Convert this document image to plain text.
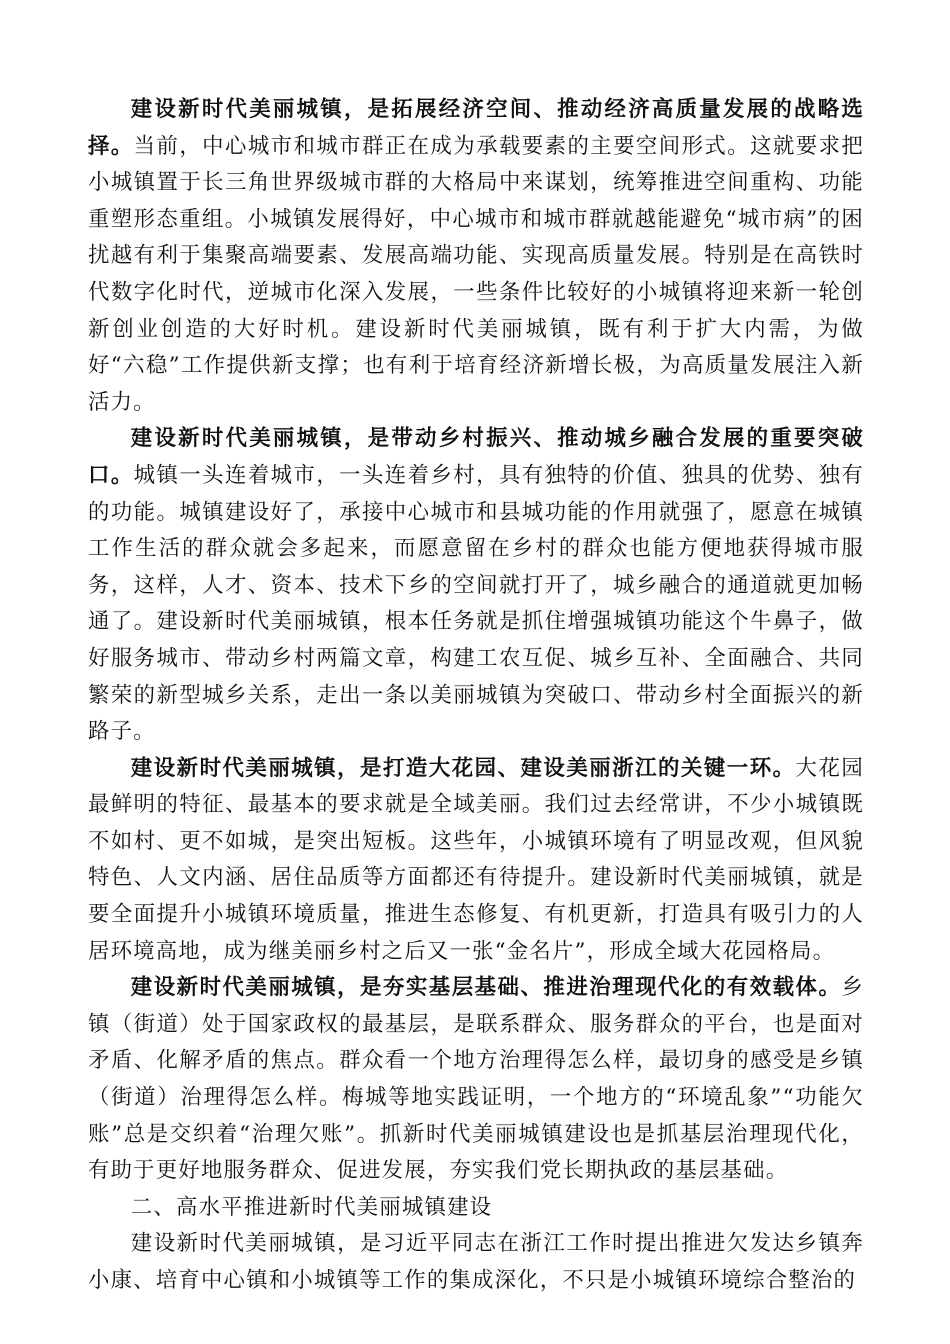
建设新时代美丽城镇，是拓展经济空间、推动经济高质量发展的战略选择。当前，中心城市和城市群正在成为承载要素的主要空间形式。这就要求把小城镇置于长三角世界级城市群的大格局中来谋划，统筹推进空间重构、功能重塑形态重组。小城镇发展得好，中心城市和城市群就越能避免“城市病”的困扰越有利于集聚高端要素、发展高端功能、实现高质量发展。特别是在高铁时代数字化时代，逆城市化深入发展，一些条件比较好的小城镇将迎来新一轮创新创业创造的大好时机。建设新时代美丽城镇，既有利于扩大内需，为做好“六稳”工作提供新支撑；也有利于培育经济新增长极，为高质量发展注入新活力。

建设新时代美丽城镇，是带动乡村振兴、推动城乡融合发展的重要突破口。城镇一头连着城市，一头连着乡村，具有独特的价值、独具的优势、独有的功能。城镇建设好了，承接中心城市和县城功能的作用就强了，愿意在城镇工作生活的群众就会多起来，而愿意留在乡村的群众也能方便地获得城市服务，这样，人才、资本、技术下乡的空间就打开了，城乡融合的通道就更加畅通了。建设新时代美丽城镇，根本任务就是抓住增强城镇功能这个牛鼻子，做好服务城市、带动乡村两篇文章，构建工农互促、城乡互补、全面融合、共同繁荣的新型城乡关系，走出一条以美丽城镇为突破口、带动乡村全面振兴的新路子。

建设新时代美丽城镇，是打造大花园、建设美丽浙江的关键一环。大花园最鲜明的特征、最基本的要求就是全域美丽。我们过去经常讲，不少小城镇既不如村、更不如城，是突出短板。这些年，小城镇环境有了明显改观，但风貌特色、人文内涵、居住品质等方面都还有待提升。建设新时代美丽城镇，就是要全面提升小城镇环境质量，推进生态修复、有机更新，打造具有吸引力的人居环境高地，成为继美丽乡村之后又一张“金名片”，形成全域大花园格局。

建设新时代美丽城镇，是夯实基层基础、推进治理现代化的有效载体。乡镇（街道）处于国家政权的最基层，是联系群众、服务群众的平台，也是面对矛盾、化解矛盾的焦点。群众看一个地方治理得怎么样，最切身的感受是乡镇（街道）治理得怎么样。梅城等地实践证明，一个地方的“环境乱象”“功能欠账”总是交织着“治理欠账”。抓新时代美丽城镇建设也是抓基层治理现代化，有助于更好地服务群众、促进发展，夯实我们党长期执政的基层基础。

二、高水平推进新时代美丽城镇建设

建设新时代美丽城镇，是习近平同志在浙江工作时提出推进欠发达乡镇奔小康、培育中心镇和小城镇等工作的集成深化，不只是小城镇环境综合整治的
